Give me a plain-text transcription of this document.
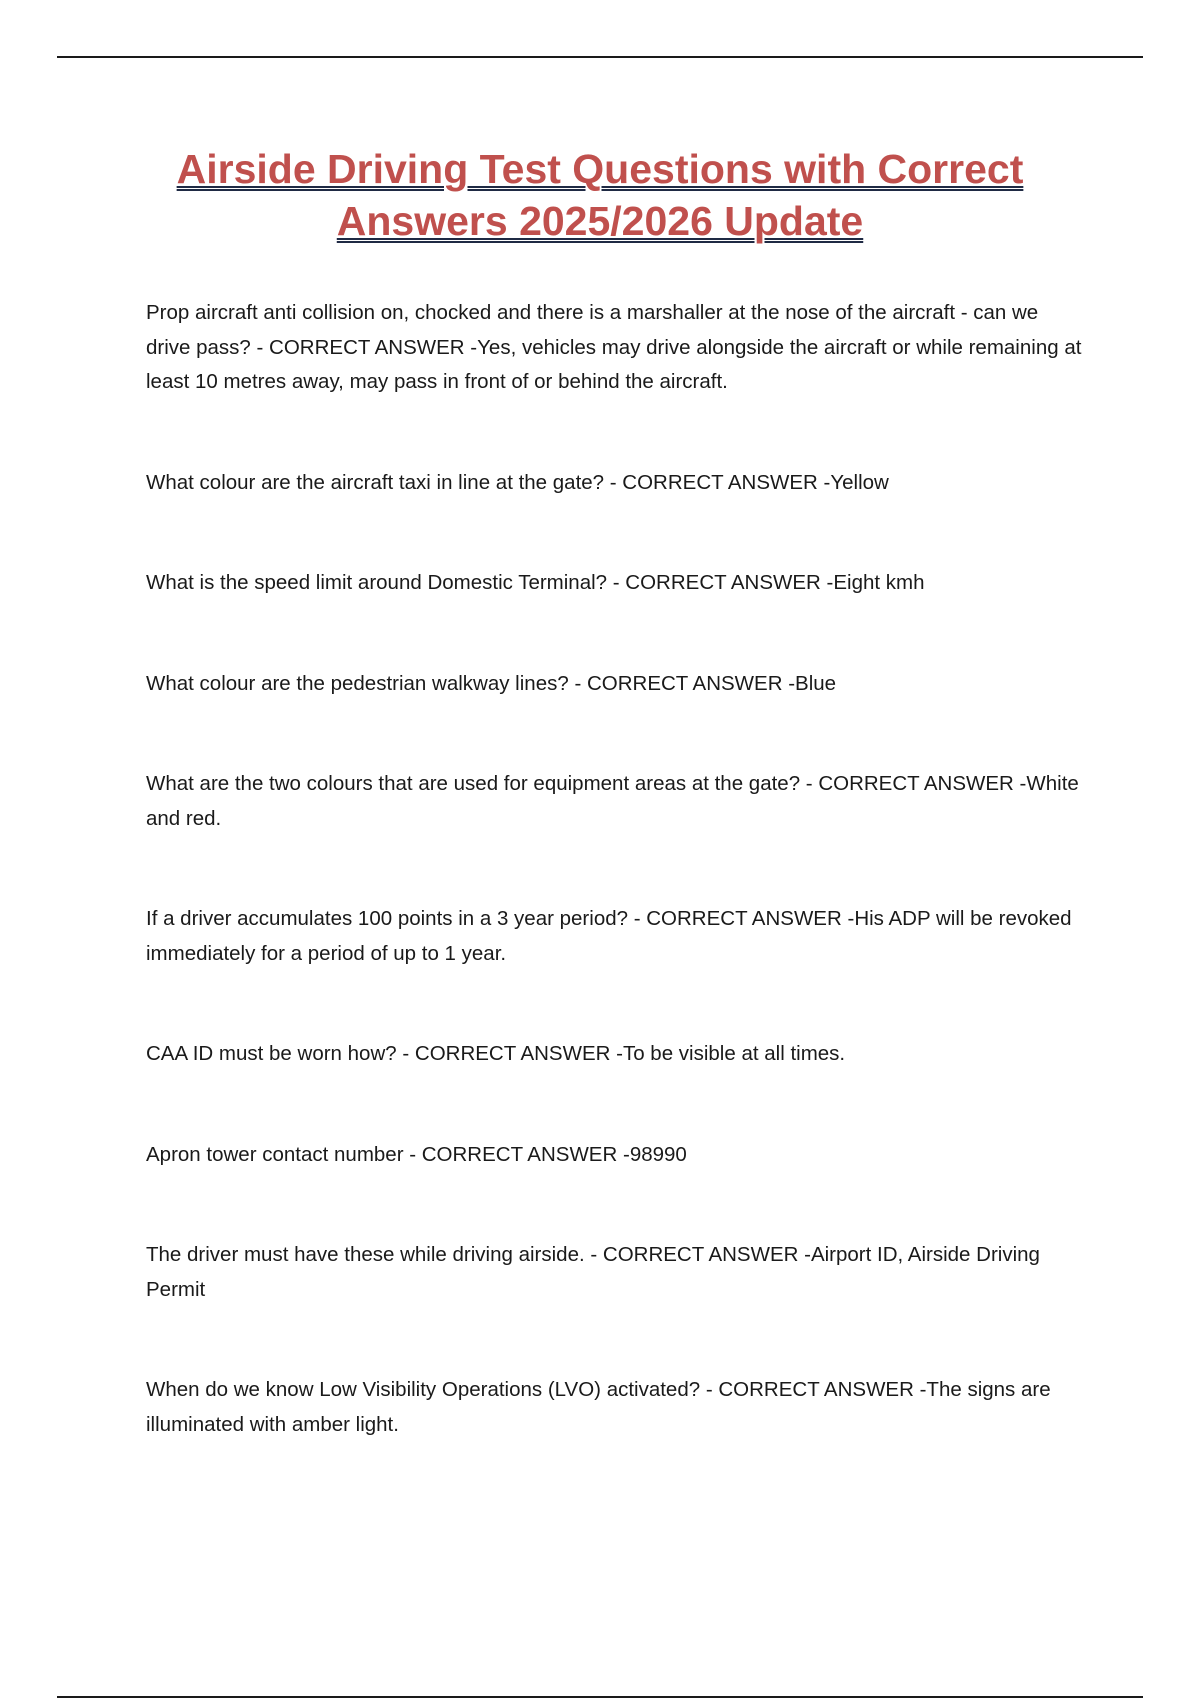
Airside Driving Test Questions with Correct Answers 2025/2026 Update
Prop aircraft anti collision on, chocked and there is a marshaller at the nose of the aircraft - can we drive pass? - CORRECT ANSWER -Yes, vehicles may drive alongside the aircraft or while remaining at least 10 metres away, may pass in front of or behind the aircraft.
What colour are the aircraft taxi in line at the gate? - CORRECT ANSWER -Yellow
What is the speed limit around Domestic Terminal? - CORRECT ANSWER -Eight kmh
What colour are the pedestrian walkway lines? - CORRECT ANSWER -Blue
What are the two colours that are used for equipment areas at the gate? - CORRECT ANSWER -White and red.
If a driver accumulates 100 points in a 3 year period? - CORRECT ANSWER -His ADP will be revoked immediately for a period of up to 1 year.
CAA ID must be worn how? - CORRECT ANSWER -To be visible at all times.
Apron tower contact number - CORRECT ANSWER -98990
The driver must have these while driving airside. - CORRECT ANSWER -Airport ID, Airside Driving Permit
When do we know Low Visibility Operations (LVO) activated? - CORRECT ANSWER -The signs are illuminated with amber light.
